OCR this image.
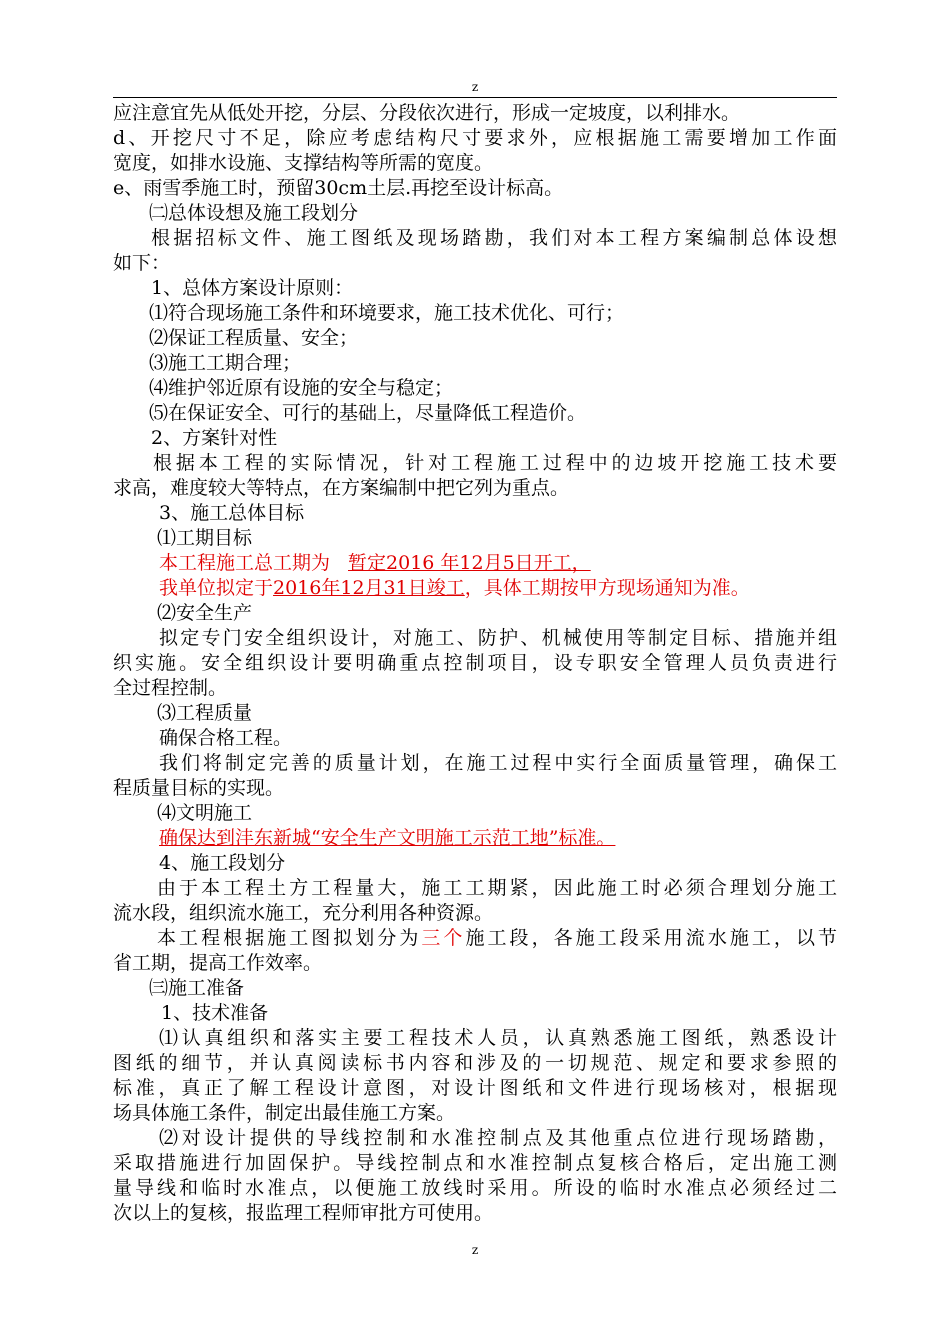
z
应注意宜先从低处开挖，分层、分段依次进行，形成一定坡度，以利排水。
d、开挖尺寸不足，除应考虑结构尺寸要求外，应根据施工需要增加工作面
宽度，如排水设施、支撑结构等所需的宽度。
e、雨雪季施工时，预留30cm土层.再挖至设计标高。
㈡总体设想及施工段划分
根据招标文件、施工图纸及现场踏勘，我们对本工程方案编制总体设想
如下：
1、总体方案设计原则：
⑴符合现场施工条件和环境要求，施工技术优化、可行；
⑵保证工程质量、安全；
⑶施工工期合理；
⑷维护邻近原有设施的安全与稳定；
⑸在保证安全、可行的基础上，尽量降低工程造价。
2、方案针对性
根据本工程的实际情况，针对工程施工过程中的边坡开挖施工技术要
求高，难度较大等特点，在方案编制中把它列为重点。
3、施工总体目标
⑴工期目标
本工程施工总工期为 暂定2016 年12月5日开工，
我单位拟定于2016年12月31日竣工，具体工期按甲方现场通知为准。
⑵安全生产
拟定专门安全组织设计，对施工、防护、机械使用等制定目标、措施并组
织实施。安全组织设计要明确重点控制项目，设专职安全管理人员负责进行
全过程控制。
⑶工程质量
确保合格工程。
我们将制定完善的质量计划，在施工过程中实行全面质量管理，确保工
程质量目标的实现。
⑷文明施工
确保达到沣东新城“安全生产文明施工示范工地”标准。
4、施工段划分
由于本工程土方工程量大，施工工期紧，因此施工时必须合理划分施工
流水段，组织流水施工，充分利用各种资源。
本工程根据施工图拟划分为三个施工段，各施工段采用流水施工，以节
省工期，提高工作效率。
㈢施工准备
1、技术准备
⑴认真组织和落实主要工程技术人员，认真熟悉施工图纸，熟悉设计
图纸的细节，并认真阅读标书内容和涉及的一切规范、规定和要求参照的
标准，真正了解工程设计意图，对设计图纸和文件进行现场核对，根据现
场具体施工条件，制定出最佳施工方案。
⑵对设计提供的导线控制和水准控制点及其他重点位进行现场踏勘，
采取措施进行加固保护。导线控制点和水准控制点复核合格后，定出施工测
量导线和临时水准点，以便施工放线时采用。所设的临时水准点必须经过二
次以上的复核，报监理工程师审批方可使用。
z
